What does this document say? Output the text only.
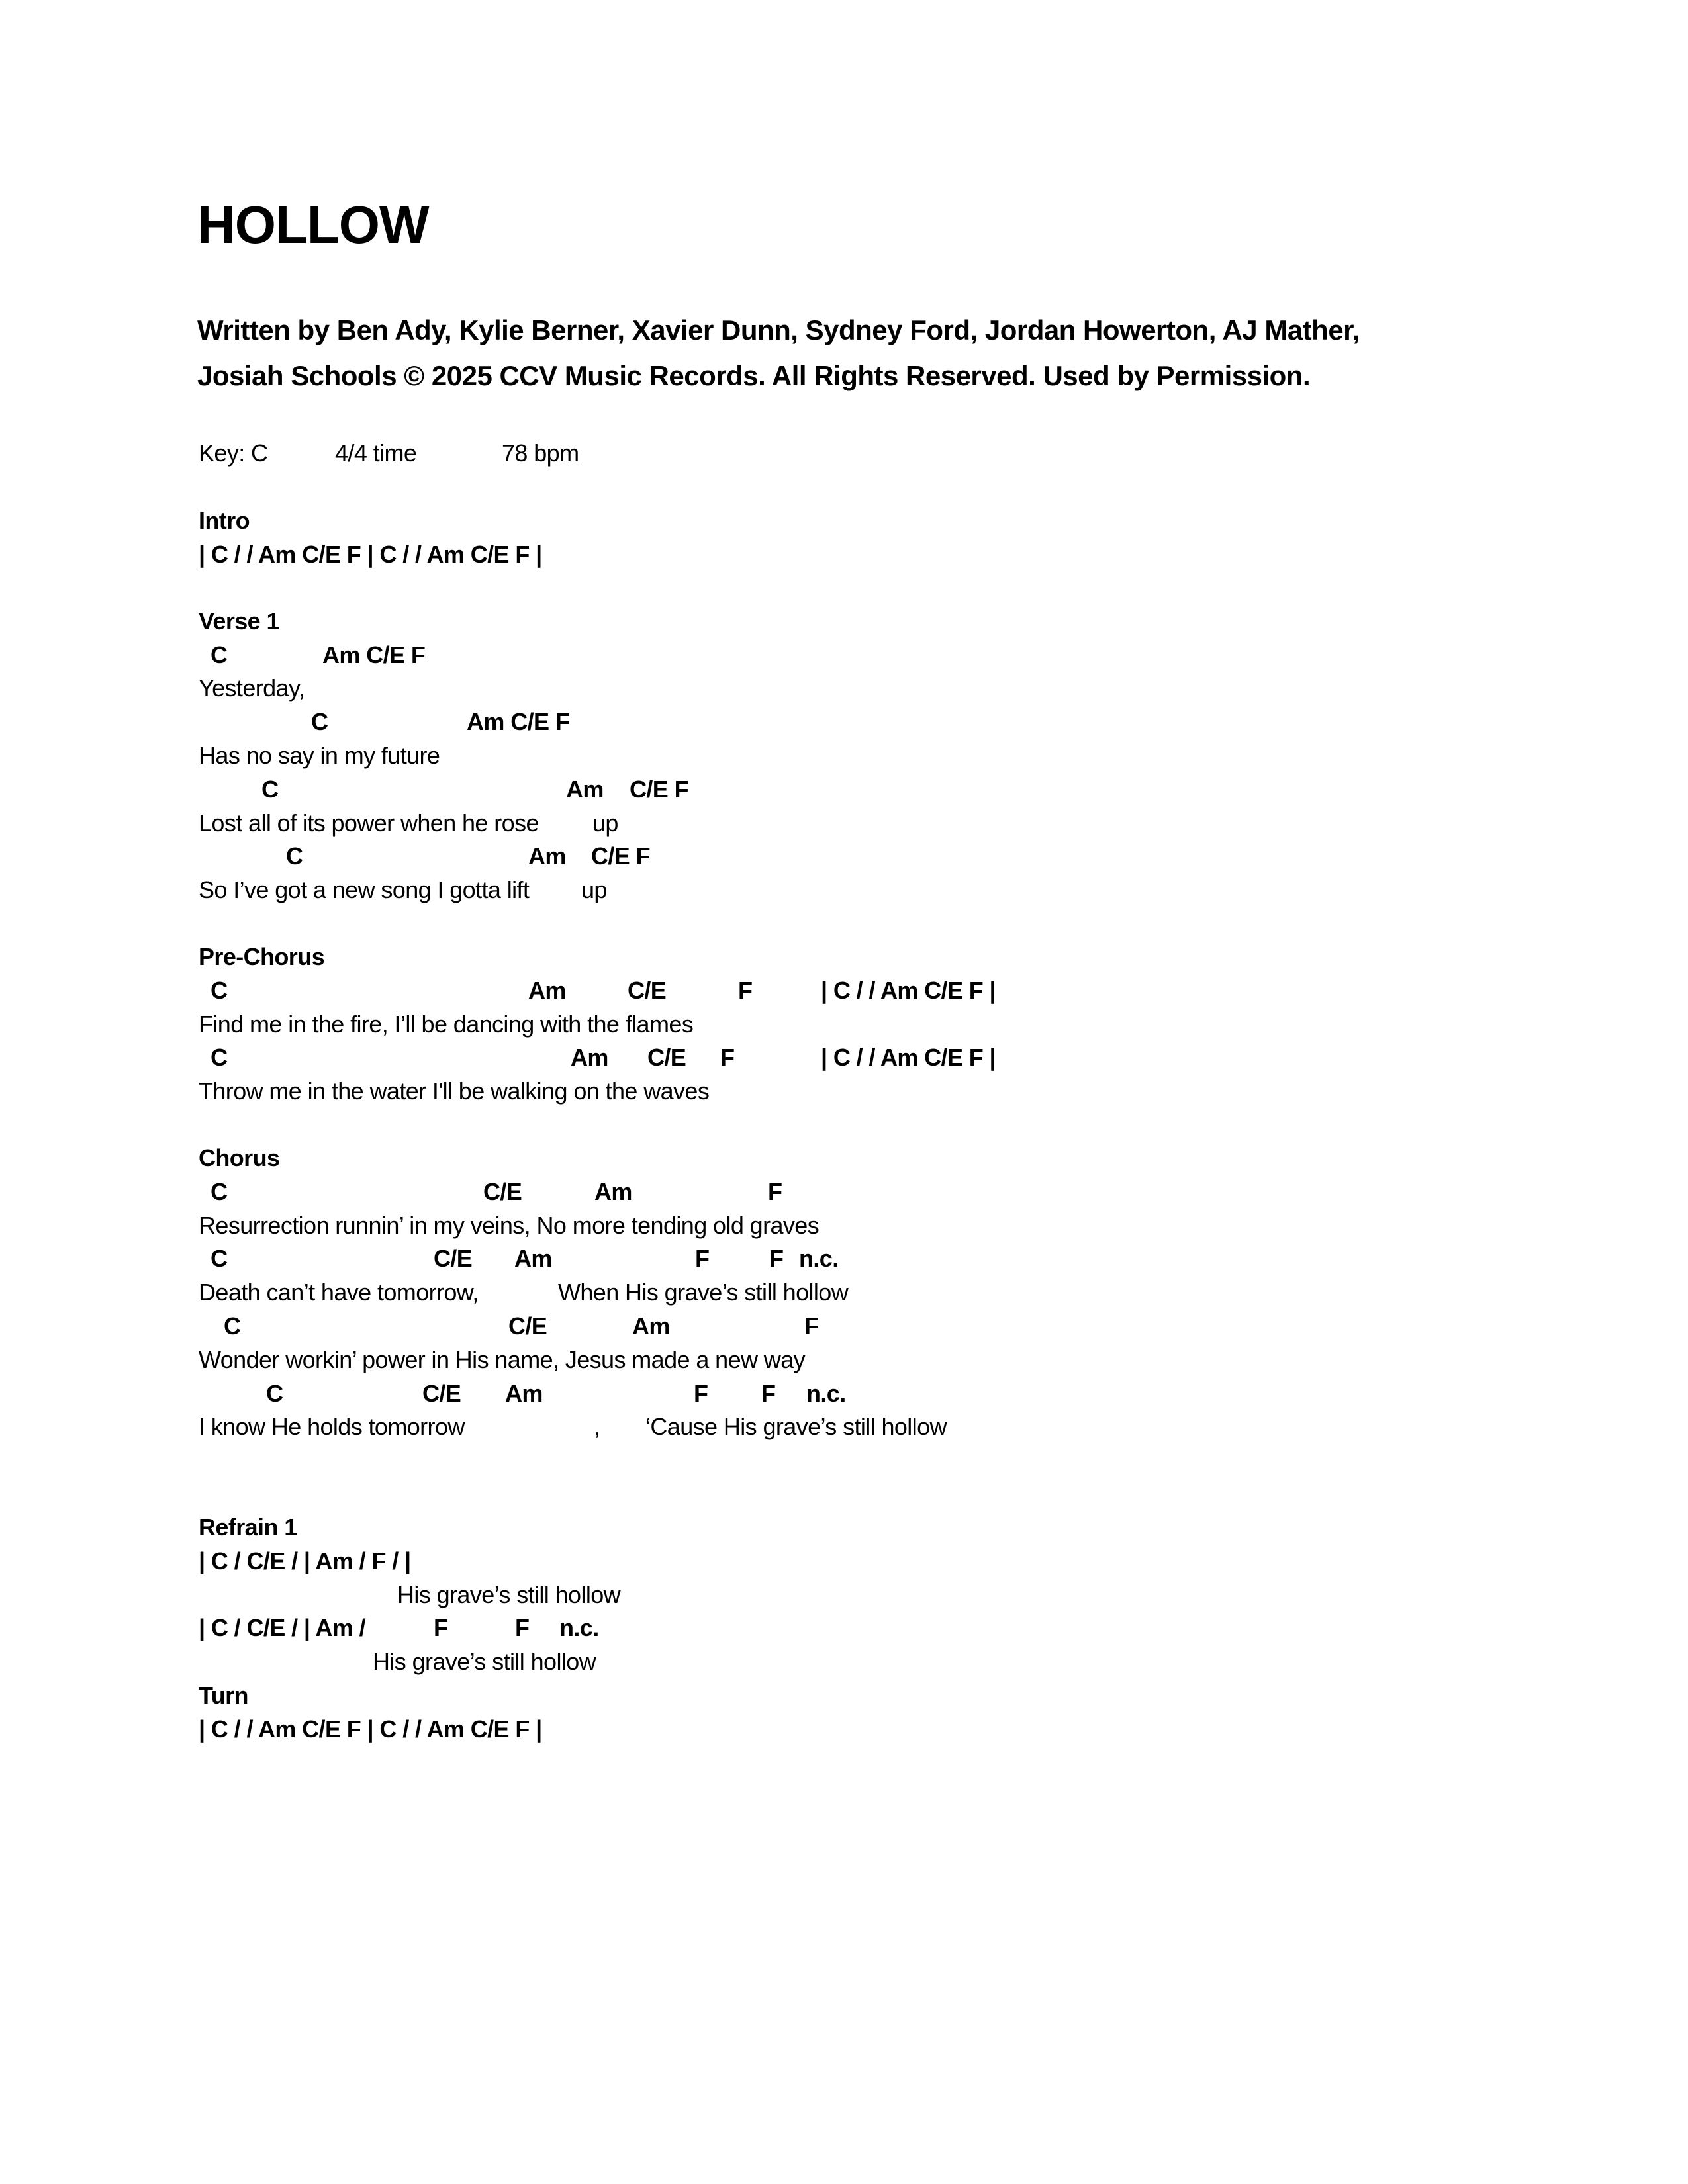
HOLLOW
Written by Ben Ady, Kylie Berner, Xavier Dunn, Sydney Ford, Jordan Howerton, AJ Mather,
Josiah Schools © 2025 CCV Music Records. All Rights Reserved. Used by Permission.
Key: C	4/4 time	78 bpm
Intro
| C / / Am C/E F | C / / Am C/E F |
Verse 1
C	Am C/E F
Yesterday,
C	Am C/E F
Has no say in my future
C	Am C/E F
Lost all of its power when he rose up
C	Am C/E F
So I’ve got a new song I gotta lift up
Pre-Chorus
C	Am	C/E	F	| C / / Am C/E F |
Find me in the fire, I’ll be dancing with the flames
C	Am C/E F	| C / / Am C/E F |
Throw me in the water I'll be walking on the waves
Chorus
C	C/E	Am	F
Resurrection runnin’ in my veins, No more tending old graves
C	C/E Am	F	F n.c.
Death can’t have tomorrow,	When His grave’s still hollow
C	C/E	Am	F
Wonder workin’ power in His name, Jesus made a new way
C	C/E Am	F F n.c.
I know He holds tomorrow	, ‘Cause His grave’s still hollow
Refrain 1
| C / C/E / | Am / F / |
His grave’s still hollow
| C / C/E / | Am /	F	F n.c.
His grave’s still hollow
Turn
| C / / Am C/E F | C / / Am C/E F |
